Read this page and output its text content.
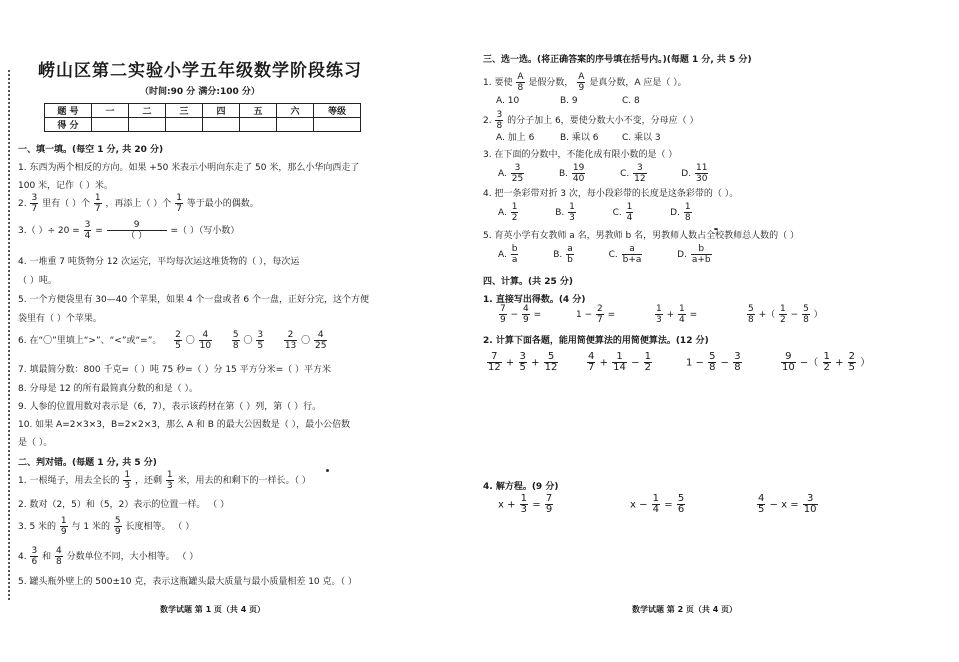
崂山区第二实验小学五年级数学阶段练习
（时间:90 分 满分:100 分）
题 号	一	二	三	四	五	六	等级
得 分							
一、填一填。(每空 1 分, 共 20 分)
1. 东西为两个相反的方向。如果 +50 米表示小明向东走了 50 米，那么小华向西走了
100 米，记作（ ）米。
2. $\frac{3}{7}$ 里有（ ）个 $\frac{1}{7}$ ，再添上（ ）个 $\frac{1}{7}$ 等于最小的偶数。
3.（ ）÷ $20 = \frac{3}{4} = \frac{9}{( )}$ =（ ）（写小数）
4. 一堆重 7 吨货物分 12 次运完，平均每次运这堆货物的（ ），每次运
（ ）吨。
5. 一个方便袋里有 30—40 个苹果，如果 4 个一盘或者 6 个一盘，正好分完，这个方便
袋里有（ ）个苹果。
6. 在“〇”里填上“>”、“<”或“=”。 $\frac{2}{5}$ 〇 $\frac{4}{10}$
$\frac{5}{8}$ 〇 $\frac{3}{5}$
$\frac{2}{13}$ 〇 $\frac{4}{25}$
7. 填最简分数：800 千克=（ ）吨 75 秒=（ ）分 15 平方分米=（ ）平方米
8. 分母是 12 的所有最简真分数的和是（ ）。
9. 人参的位置用数对表示是（6，7），表示该药材在第（ ）列，第（ ）行。
10. 如果 A=2×3×3，B=2×2×3，那么 A 和 B 的最大公因数是（ ），最小公倍数
是（ ）。
二、判对错。(每题 1 分, 共 5 分)
1. 一根绳子，用去全长的 $\frac{1}{3}$ ，还剩 $\frac{1}{3}$ 米，用去的和剩下的一样长。（ ）
2. 数对（2，5）和（5，2）表示的位置一样。 （ ）
3. 5 米的 $\frac{1}{9}$ 与 1 米的 $\frac{5}{9}$ 长度相等。 （ ）
4. $\frac{3}{6}$ 和 $\frac{4}{8}$ 分数单位不同，大小相等。 （ ）
5. 罐头瓶外壁上的 500±10 克，表示这瓶罐头最大质量与最小质量相差 10 克。（ ）
数学试题 第 1 页（共 4 页）
三、选一选。(将正确答案的序号填在括号内。)(每题 1 分, 共 5 分)
1. 要使 $\frac{A}{8}$ 是假分数， $\frac{A}{9}$ 是真分数，A 应是（ ）。
A. 10	B. 9	C. 8
2. $\frac{3}{8}$ 的分子加上 6，要使分数大小不变，分母应（ ）
A. 加上 6	B. 乘以 6	C. 乘以 3
3. 在下面的分数中，不能化成有限小数的是（ ）
A. $\frac{3}{25}$	B. $\frac{19}{40}$	C. $\frac{3}{12}$	D. $\frac{11}{30}$
4. 把一条彩带对折 3 次，每小段彩带的长度是这条彩带的（ ）。
A. $\frac{1}{2}$	B. $\frac{1}{3}$	C. $\frac{1}{4}$	D. $\frac{1}{8}$
5. 育英小学有女教师 a 名，男教师 b 名，男教师人数占全校教师总人数的（ ）
A. $\frac{b}{a}$	B. $\frac{a}{b}$	C. $\frac{a}{b+a}$	D. $\frac{b}{a+b}$
四、计算。(共 25 分)
1. 直接写出得数。(4 分)
$\frac{7}{9} - \frac{4}{9}$ =	$1 - \frac{2}{7}$ =	$\frac{1}{3} + \frac{1}{4}$ =	$\frac{5}{8}$ +（ $\frac{1}{2} - \frac{5}{8}$ ）
2. 计算下面各题，能用简便算法的用简便算法。(12 分)
$\frac{7}{12} + \frac{3}{5} + \frac{5}{12}$	$\frac{4}{7} + \frac{1}{14} - \frac{1}{2}$	$1 - \frac{5}{8} - \frac{3}{8}$	$\frac{9}{10}$ −（ $\frac{1}{2} + \frac{2}{5}$ ）
4. 解方程。(9 分)
$x + \frac{1}{3} = \frac{7}{9}$	$x - \frac{1}{4} = \frac{5}{6}$	$\frac{4}{5} - x = \frac{3}{10}$
数学试题 第 2 页（共 4 页）
